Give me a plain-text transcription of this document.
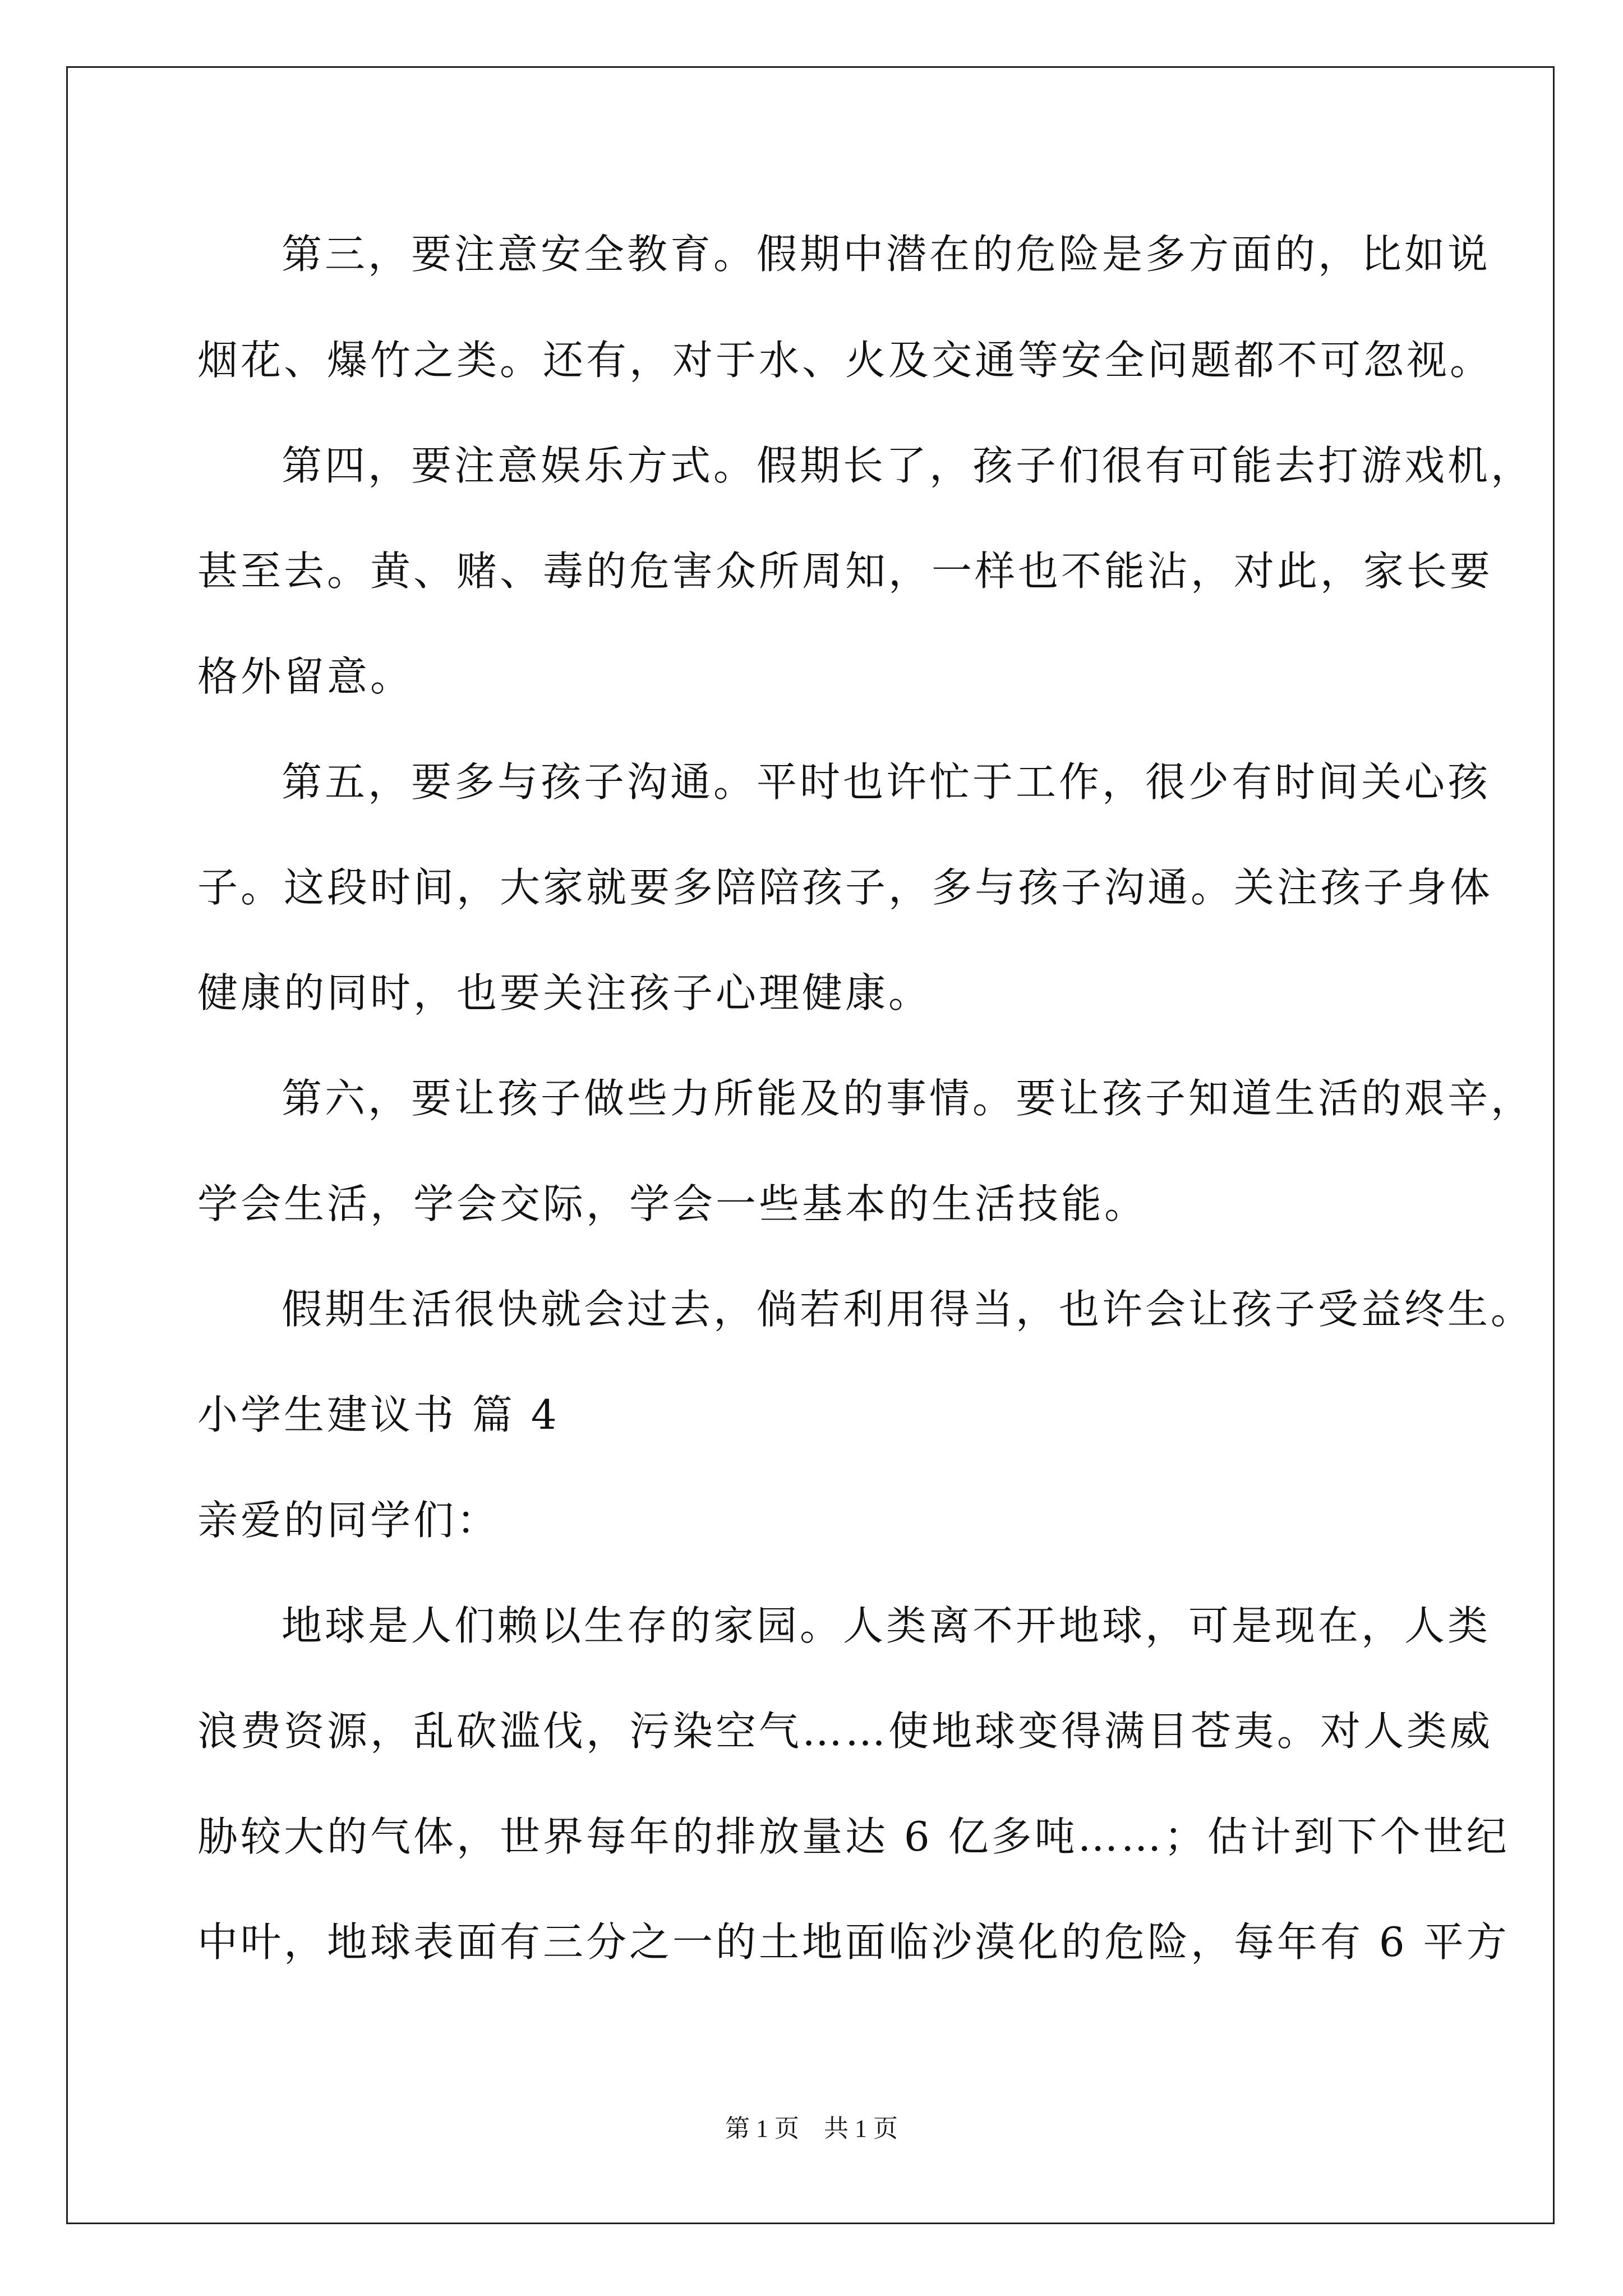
第三，要注意安全教育。假期中潜在的危险是多方面的，比如说
烟花、爆竹之类。还有，对于水、火及交通等安全问题都不可忽视。
第四，要注意娱乐方式。假期长了，孩子们很有可能去打游戏机，
甚至去。黄、赌、毒的危害众所周知，一样也不能沾，对此，家长要
格外留意。
第五，要多与孩子沟通。平时也许忙于工作，很少有时间关心孩
子。这段时间，大家就要多陪陪孩子，多与孩子沟通。关注孩子身体
健康的同时，也要关注孩子心理健康。
第六，要让孩子做些力所能及的事情。要让孩子知道生活的艰辛，
学会生活，学会交际，学会一些基本的生活技能。
假期生活很快就会过去，倘若利用得当，也许会让孩子受益终生。
小学生建议书 篇 4
亲爱的同学们：
地球是人们赖以生存的家园。人类离不开地球，可是现在，人类
浪费资源，乱砍滥伐，污染空气……使地球变得满目苍夷。对人类威
胁较大的气体，世界每年的排放量达 6 亿多吨……；估计到下个世纪
中叶，地球表面有三分之一的土地面临沙漠化的危险，每年有 6 平方
第 1 页　共 1 页
